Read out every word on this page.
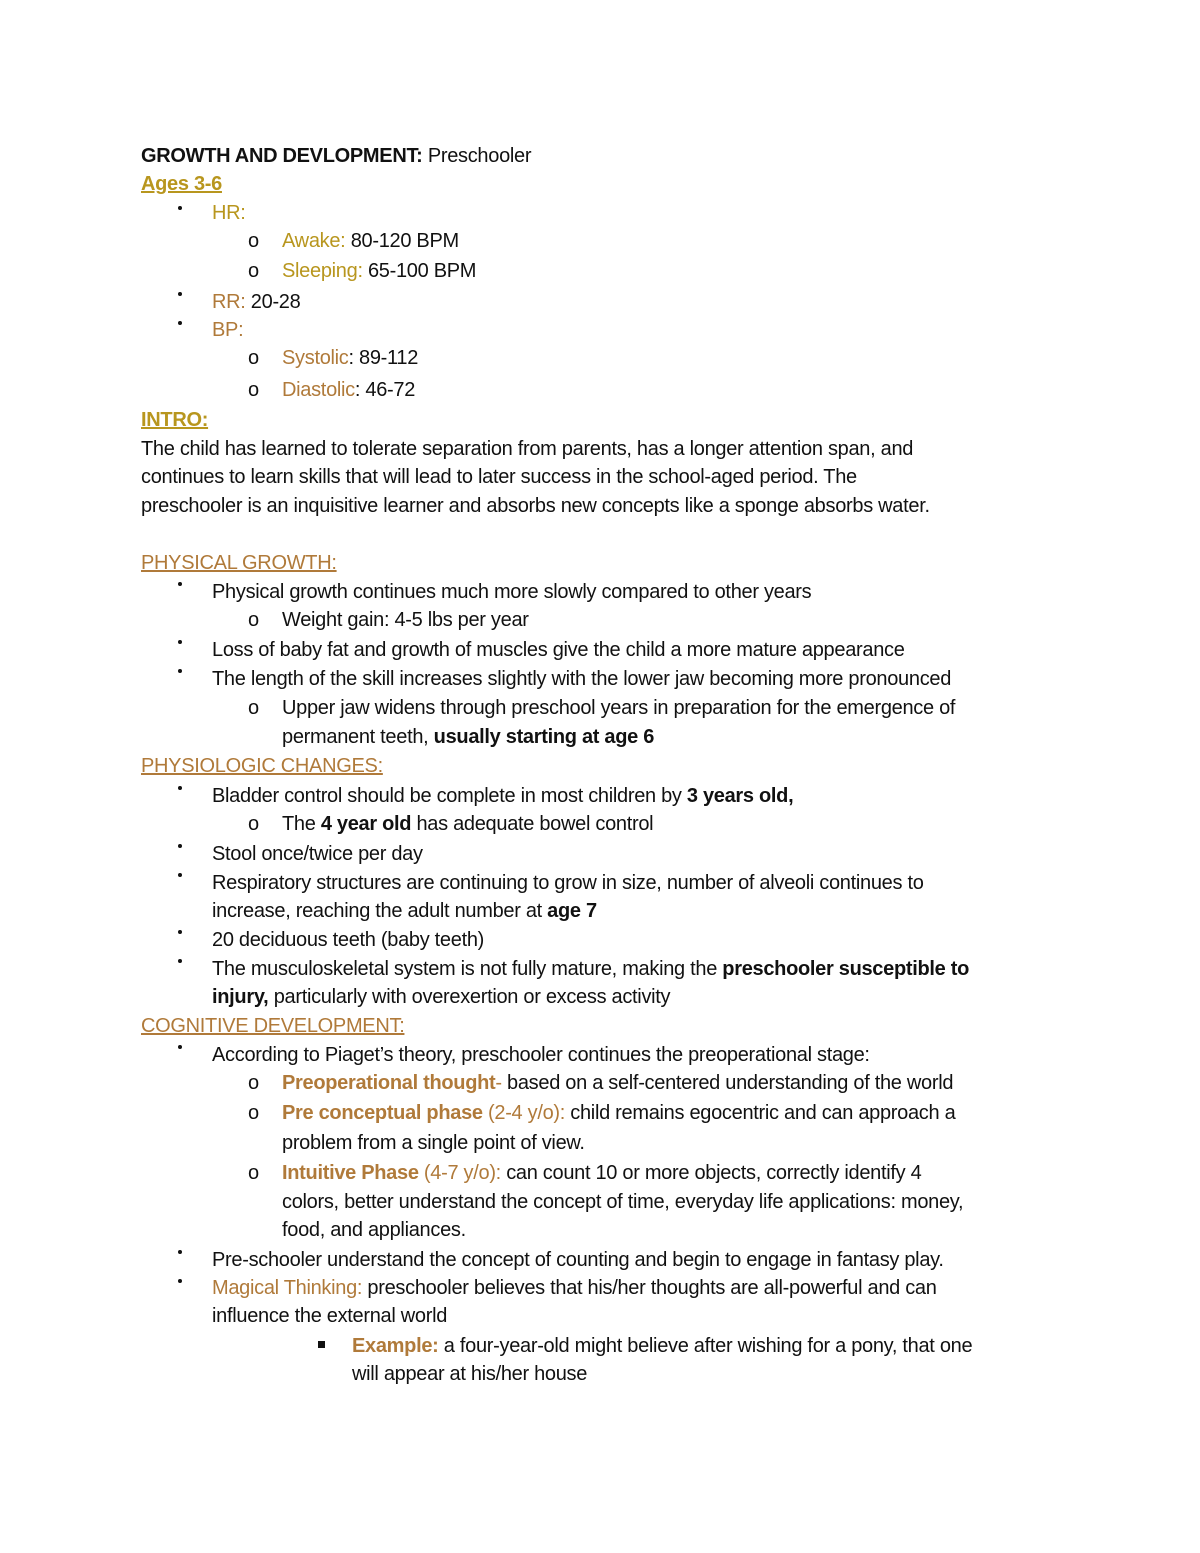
GROWTH AND DEVLOPMENT: Preschooler
Ages 3-6
HR:
o Awake: 80-120 BPM
o Sleeping: 65-100 BPM
RR: 20-28
BP:
o Systolic: 89-112
o Diastolic: 46-72
INTRO:
The child has learned to tolerate separation from parents, has a longer attention span, and
continues to learn skills that will lead to later success in the school-aged period. The
preschooler is an inquisitive learner and absorbs new concepts like a sponge absorbs water.
PHYSICAL GROWTH:
Physical growth continues much more slowly compared to other years
o Weight gain: 4-5 lbs per year
Loss of baby fat and growth of muscles give the child a more mature appearance
The length of the skill increases slightly with the lower jaw becoming more pronounced
o Upper jaw widens through preschool years in preparation for the emergence of
permanent teeth, usually starting at age 6
PHYSIOLOGIC CHANGES:
Bladder control should be complete in most children by 3 years old,
o The 4 year old has adequate bowel control
Stool once/twice per day
Respiratory structures are continuing to grow in size, number of alveoli continues to
increase, reaching the adult number at age 7
20 deciduous teeth (baby teeth)
The musculoskeletal system is not fully mature, making the preschooler susceptible to
injury, particularly with overexertion or excess activity
COGNITIVE DEVELOPMENT:
According to Piaget’s theory, preschooler continues the preoperational stage:
o Preoperational thought- based on a self-centered understanding of the world
o Pre conceptual phase (2-4 y/o): child remains egocentric and can approach a
problem from a single point of view.
o Intuitive Phase (4-7 y/o): can count 10 or more objects, correctly identify 4
colors, better understand the concept of time, everyday life applications: money,
food, and appliances.
Pre-schooler understand the concept of counting and begin to engage in fantasy play.
Magical Thinking: preschooler believes that his/her thoughts are all-powerful and can
influence the external world
Example: a four-year-old might believe after wishing for a pony, that one
will appear at his/her house
